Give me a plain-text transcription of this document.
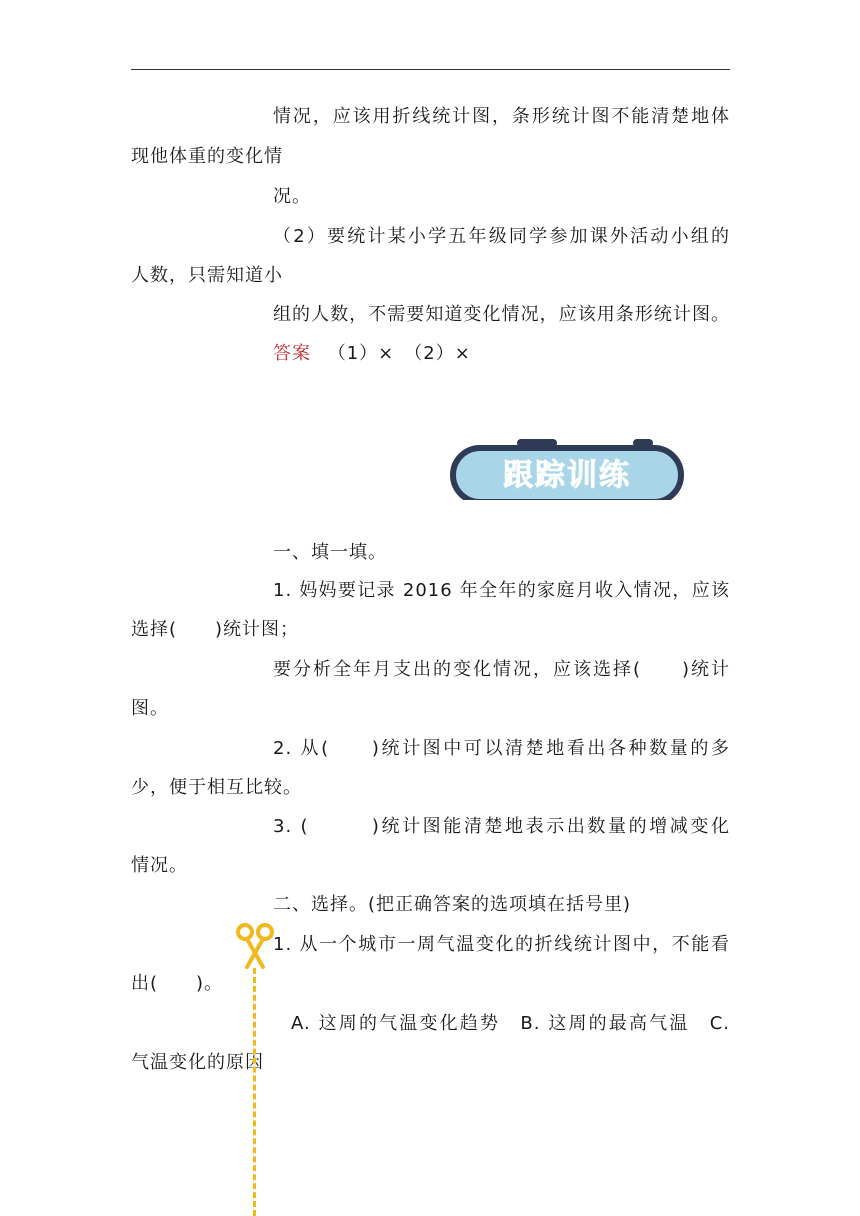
情况，应该用折线统计图，条形统计图不能清楚地体
现他体重的变化情
况。
（2）要统计某小学五年级同学参加课外活动小组的
人数，只需知道小
组的人数，不需要知道变化情况，应该用条形统计图。
答案 （1）×　（2）×
跟踪训练
一、填一填。
1. 妈妈要记录 2016 年全年的家庭月收入情况，应该
选择(　　)统计图；
要分析全年月支出的变化情况，应该选择(　　)统计
图。
2. 从(　　)统计图中可以清楚地看出各种数量的多
少，便于相互比较。
3. (　　　)统计图能清楚地表示出数量的增减变化
情况。
二、选择。(把正确答案的选项填在括号里)
1. 从一个城市一周气温变化的折线统计图中，不能看
出(　　)。
A. 这周的气温变化趋势　B. 这周的最高气温　C.
气温变化的原因
